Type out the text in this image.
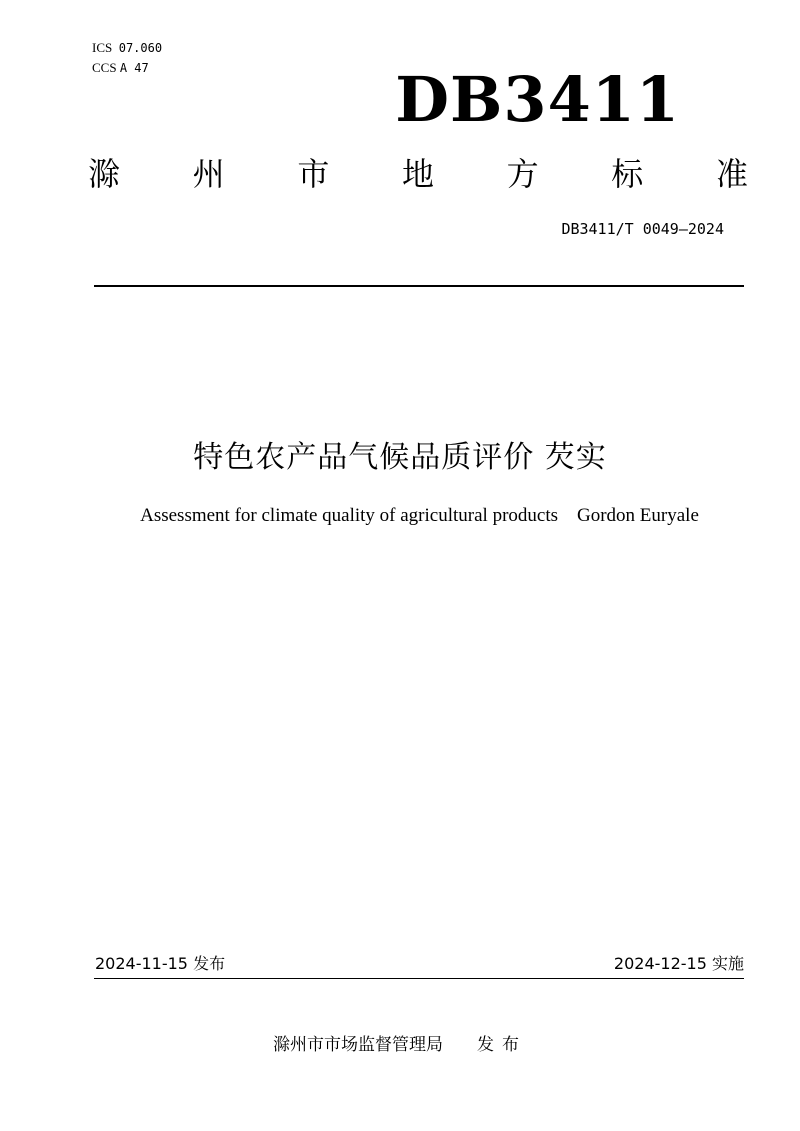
ICS 07.060
CCS A 47	DB3411
滁 州 市 地 方 标 准
DB3411/T 0049—2024
特色农产品气候品质评价 芡实
Assessment for climate quality of agricultural products    Gordon Euryale
2024-11-15 发布	2024-12-15 实施
滁州市市场监督管理局 发布
